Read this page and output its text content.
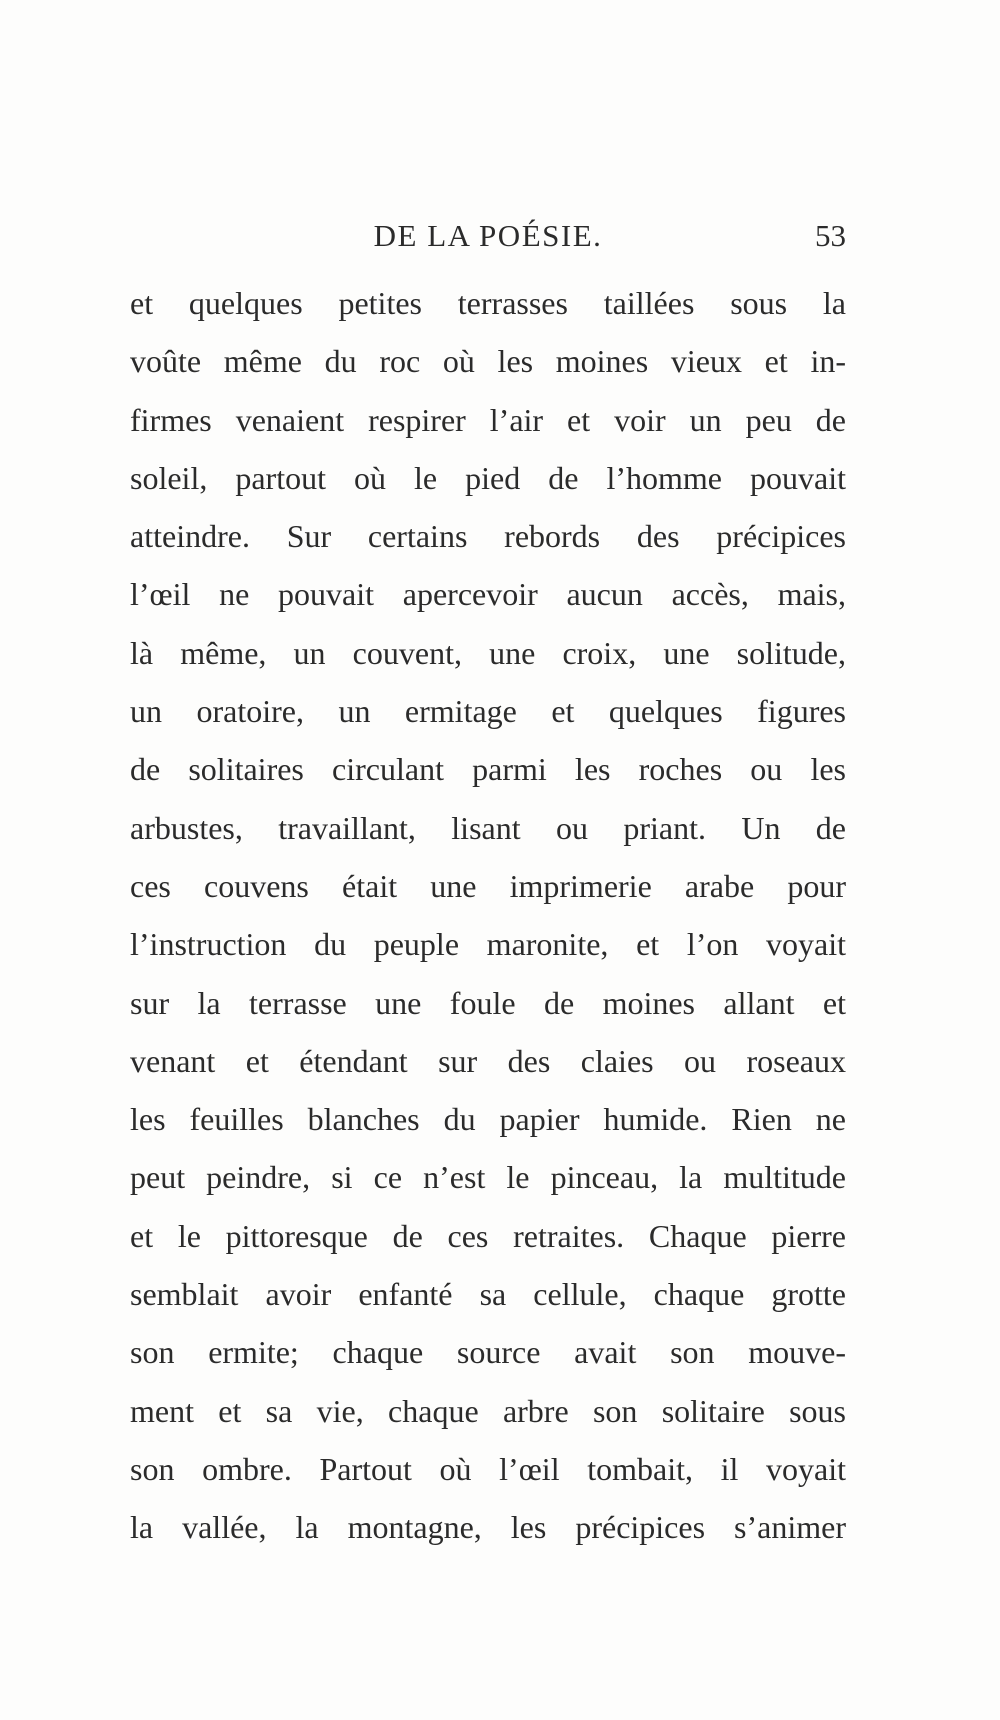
DE LA POÉSIE.	53
et quelques petites terrasses taillées sous la
voûte même du roc où les moines vieux et in-
firmes venaient respirer l’air et voir un peu de
soleil, partout où le pied de l’homme pouvait
atteindre. Sur certains rebords des précipices
l’œil ne pouvait apercevoir aucun accès, mais,
là même, un couvent, une croix, une solitude,
un oratoire, un ermitage et quelques figures
de solitaires circulant parmi les roches ou les
arbustes, travaillant, lisant ou priant. Un de
ces couvens était une imprimerie arabe pour
l’instruction du peuple maronite, et l’on voyait
sur la terrasse une foule de moines allant et
venant et étendant sur des claies ou roseaux
les feuilles blanches du papier humide. Rien ne
peut peindre, si ce n’est le pinceau, la multitude
et le pittoresque de ces retraites. Chaque pierre
semblait avoir enfanté sa cellule, chaque grotte
son ermite; chaque source avait son mouve-
ment et sa vie, chaque arbre son solitaire sous
son ombre. Partout où l’œil tombait, il voyait
la vallée, la montagne, les précipices s’animer
